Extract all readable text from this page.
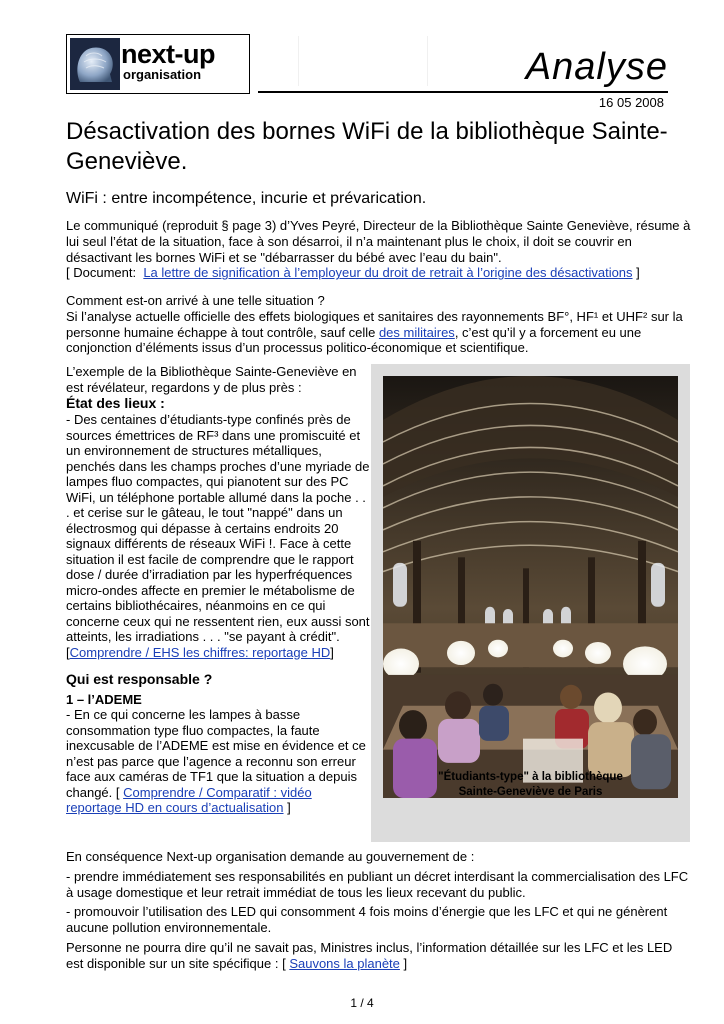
next-up
organisation	Analyse
16 05 2008
Désactivation des bornes WiFi de la bibliothèque Sainte-Geneviève.
WiFi : entre incompétence, incurie et prévarication.
Le communiqué (reproduit § page 3) d’Yves Peyré, Directeur de la Bibliothèque Sainte Geneviève, résume à lui seul l’état de la situation, face à son désarroi, il n’a maintenant plus le choix, il doit se couvrir en désactivant les bornes WiFi et se "débarrasser du bébé avec l’eau du bain".
[ Document: La lettre de signification à l’employeur du droit de retrait à l’origine des désactivations ]
Comment est-on arrivé à une telle situation ?
Si l’analyse actuelle officielle des effets biologiques et sanitaires des rayonnements BF°, HF¹ et UHF² sur la personne humaine échappe à tout contrôle, sauf celle des militaires, c’est qu’il y a forcement eu une conjonction d’éléments issus d’un processus politico-économique et scientifique.
L’exemple de la Bibliothèque Sainte-Geneviève en est révélateur, regardons y de plus près :
État des lieux :
- Des centaines d’étudiants-type confinés près de sources émettrices de RF³ dans une promiscuité et un environnement de structures métalliques, penchés dans les champs proches d’une myriade de lampes fluo compactes, qui pianotent sur des PC WiFi, un téléphone portable allumé dans la poche . . . et cerise sur le gâteau, le tout "nappé" dans un électrosmog qui dépasse à certains endroits 20 signaux différents de réseaux WiFi !. Face à cette situation il est facile de comprendre que le rapport dose / durée d’irradiation par les hyperfréquences micro-ondes affecte en premier le métabolisme de certains bibliothécaires, néanmoins en ce qui concerne ceux qui ne ressentent rien, eux aussi sont atteints, les irradiations . . . "se payant à crédit".
[Comprendre / EHS les chiffres: reportage HD]
Qui est responsable ?
1 – l’ADEME
- En ce qui concerne les lampes à basse consommation type fluo compactes, la faute inexcusable de l’ADEME est mise en évidence et ce n’est pas parce que l’agence a reconnu son erreur face aux caméras de TF1 que la situation a depuis changé. [ Comprendre / Comparatif : vidéo reportage HD en cours d’actualisation ]
"Étudiants-type" à la bibliothèque
Sainte-Geneviève de Paris
En conséquence Next-up organisation demande au gouvernement de :
- prendre immédiatement ses responsabilités en publiant un décret interdisant la commercialisation des LFC à usage domestique et leur retrait immédiat de tous les lieux recevant du public.
- promouvoir l’utilisation des LED qui consomment 4 fois moins d’énergie que les LFC et qui ne génèrent aucune pollution environnementale.
Personne ne pourra dire qu’il ne savait pas, Ministres inclus, l’information détaillée sur les LFC et les LED est disponible sur un site spécifique : [ Sauvons la planète ]
1 / 4
